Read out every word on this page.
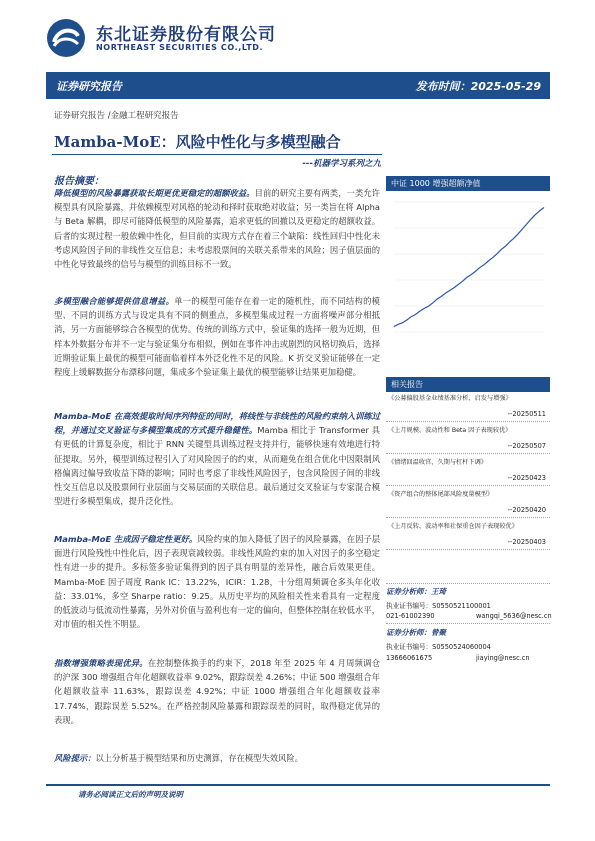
东北证券股份有限公司
NORTHEAST SECURITIES CO.,LTD.
证券研究报告	发布时间：2025-05-29
证券研究报告 /金融工程研究报告
Mamba-MoE：风险中性化与多模型融合
---机器学习系列之九
报告摘要：
降低模型的风险暴露获取长期更优更稳定的超额收益。目前的研究主要有两类，一类允许模型具有风险暴露，并依赖模型对风格的轮动和择时获取绝对收益；另一类旨在将 Alpha 与 Beta 解耦，即尽可能降低模型的风险暴露，追求更低的回撤以及更稳定的超额收益。后者的实现过程一般依赖中性化，但目前的实现方式存在着三个缺陷：线性回归中性化未考虑风险因子间的非线性交互信息；未考虑股票间的关联关系带来的风险；因子值层面的中性化导致最终的信号与模型的训练目标不一致。
多模型融合能够提供信息增益。单一的模型可能存在着一定的随机性，而不同结构的模型、不同的训练方式与设定具有不同的侧重点，多模型集成过程一方面将噪声部分相抵消，另一方面能够综合各模型的优势。传统的训练方式中，验证集的选择一般为近期，但样本外数据分布并不一定与验证集分布相似，例如在事件冲击或剧烈的风格切换后，选择近期验证集上最优的模型可能面临着样本外泛化性不足的风险。K 折交叉验证能够在一定程度上缓解数据分布漂移问题，集成多个验证集上最优的模型能够让结果更加稳健。
Mamba-MoE 在高效提取时间序列特征的同时，将线性与非线性的风险约束纳入训练过程，并通过交叉验证与多模型集成的方式提升稳健性。Mamba 相比于 Transformer 具有更低的计算复杂度，相比于 RNN 关键型具训练过程支持并行，能够快速有效地进行特征提取。另外，模型训练过程引入了对风险因子的约束，从而避免在组合优化中因限制风格偏离过偏导致收益下降的影响；同时也考虑了非线性风险因子，包含风险因子间的非线性交互信息以及股票间行业层面与交易层面的关联信息。最后通过交叉验证与专家混合模型进行多模型集成，提升泛化性。
Mamba-MoE 生成因子稳定性更好。风险约束的加入降低了因子的风险暴露，在因子层面进行风险残性中性化后，因子表现衰减较弱。非线性风险约束的加入对因子的多空稳定性有进一步的提升。多标签多验证集得到的因子具有明显的差异性，融合后效果更佳。Mamba-MoE 因子周度 Rank IC：13.22%，ICIR：1.28，十分组周频调仓多头年化收益：33.01%，多空 Sharpe ratio：9.25。从历史平均的风险相关性来看具有一定程度的低波动与低流动性暴露，另外对价值与盈利也有一定的偏向，但整体控制在较低水平，对市值的相关性不明显。
指数增强策略表现优异。在控制整体换手的约束下，2018 年至 2025 年 4 月周频调仓的沪深 300 增强组合年化超额收益率 9.02%，跟踪误差 4.26%；中证 500 增强组合年化超额收益率 11.63%，跟踪误差 4.92%；中证 1000 增强组合年化超额收益率 17.74%，跟踪误差 5.52%。在严格控制风险暴露和跟踪误差的同时，取得稳定优异的表现。
风险提示：以上分析基于模型结果和历史测算，存在模型失效风险。
中证 1000 增强超额净值
相关报告
《公募偏股基金业绩基准分析、启发与增强》
--20250511
《上月规模、波动性和 Beta 因子表现较优》
--20250507
《情绪回温收官，久期与杠杆下调》
--20250423
《资产组合的整体尾部风险度量模型》
--20250420
《上月反转、波动率和社保重仓因子表现较优》
--20250403
证券分析师：王琦
执业证书编号：S0550521100001
021-61002390	wangqi_5636@nesc.cn
证券分析师：曾聚
执业证书编号：S0550524060004
13666061675	jiaying@nesc.cn
请务必阅读正文后的声明及说明
